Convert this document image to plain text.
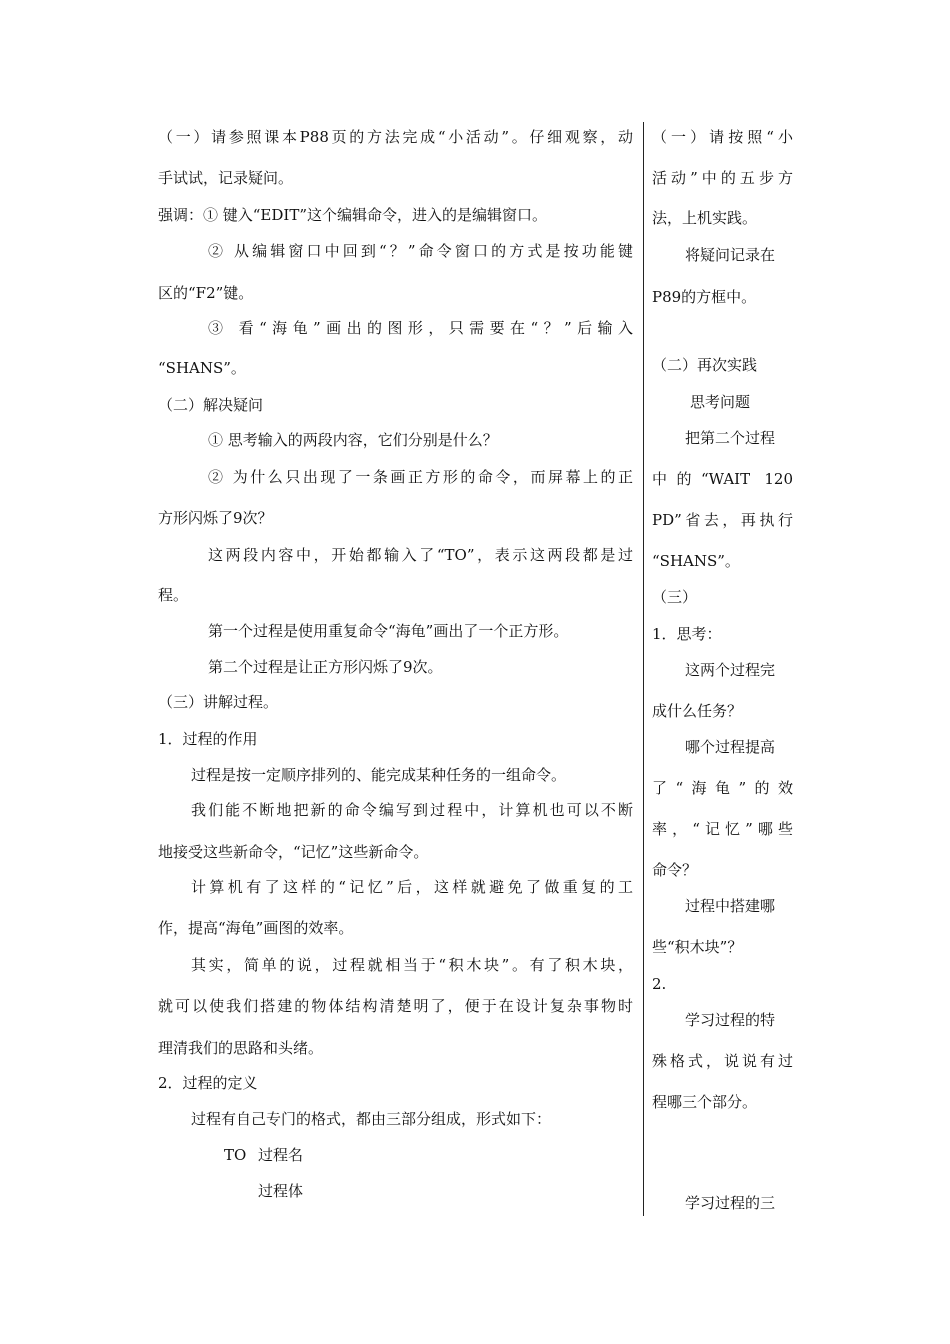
（一）请参照课本P88页的方法完成“小活动”。仔细观察，动
手试试，记录疑问。
强调：① 键入“EDIT”这个编辑命令，进入的是编辑窗口。
② 从编辑窗口中回到“？”命令窗口的方式是按功能键
区的“F2”键。
③ 看“海龟”画出的图形，只需要在“？”后输入
“SHANS”。
（二）解决疑问
① 思考输入的两段内容，它们分别是什么？
② 为什么只出现了一条画正方形的命令，而屏幕上的正
方形闪烁了9次？
这两段内容中，开始都输入了“TO”，表示这两段都是过
程。
第一个过程是使用重复命令“海龟”画出了一个正方形。
第二个过程是让正方形闪烁了9次。
（三）讲解过程。
1．过程的作用
过程是按一定顺序排列的、能完成某种任务的一组命令。
我们能不断地把新的命令编写到过程中，计算机也可以不断
地接受这些新命令，“记忆”这些新命令。
计算机有了这样的“记忆”后，这样就避免了做重复的工
作，提高“海龟”画图的效率。
其实，简单的说，过程就相当于“积木块”。有了积木块，
就可以使我们搭建的物体结构清楚明了，便于在设计复杂事物时
理清我们的思路和头绪。
2．过程的定义
过程有自己专门的格式，都由三部分组成，形式如下：
TO 过程名
过程体
（一）请按照“小
活动”中的五步方
法，上机实践。
将疑问记录在
P89的方框中。
（二）再次实践
思考问题
把第二个过程
中的“WAIT 120
PD”省去，再执行
“SHANS”。
（三）
1．思考：
这两个过程完
成什么任务？
哪个过程提高
了“海龟”的效
率，“记忆”哪些
命令？
过程中搭建哪
些“积木块”？
2.
学习过程的特
殊格式，说说有过
程哪三个部分。
学习过程的三
